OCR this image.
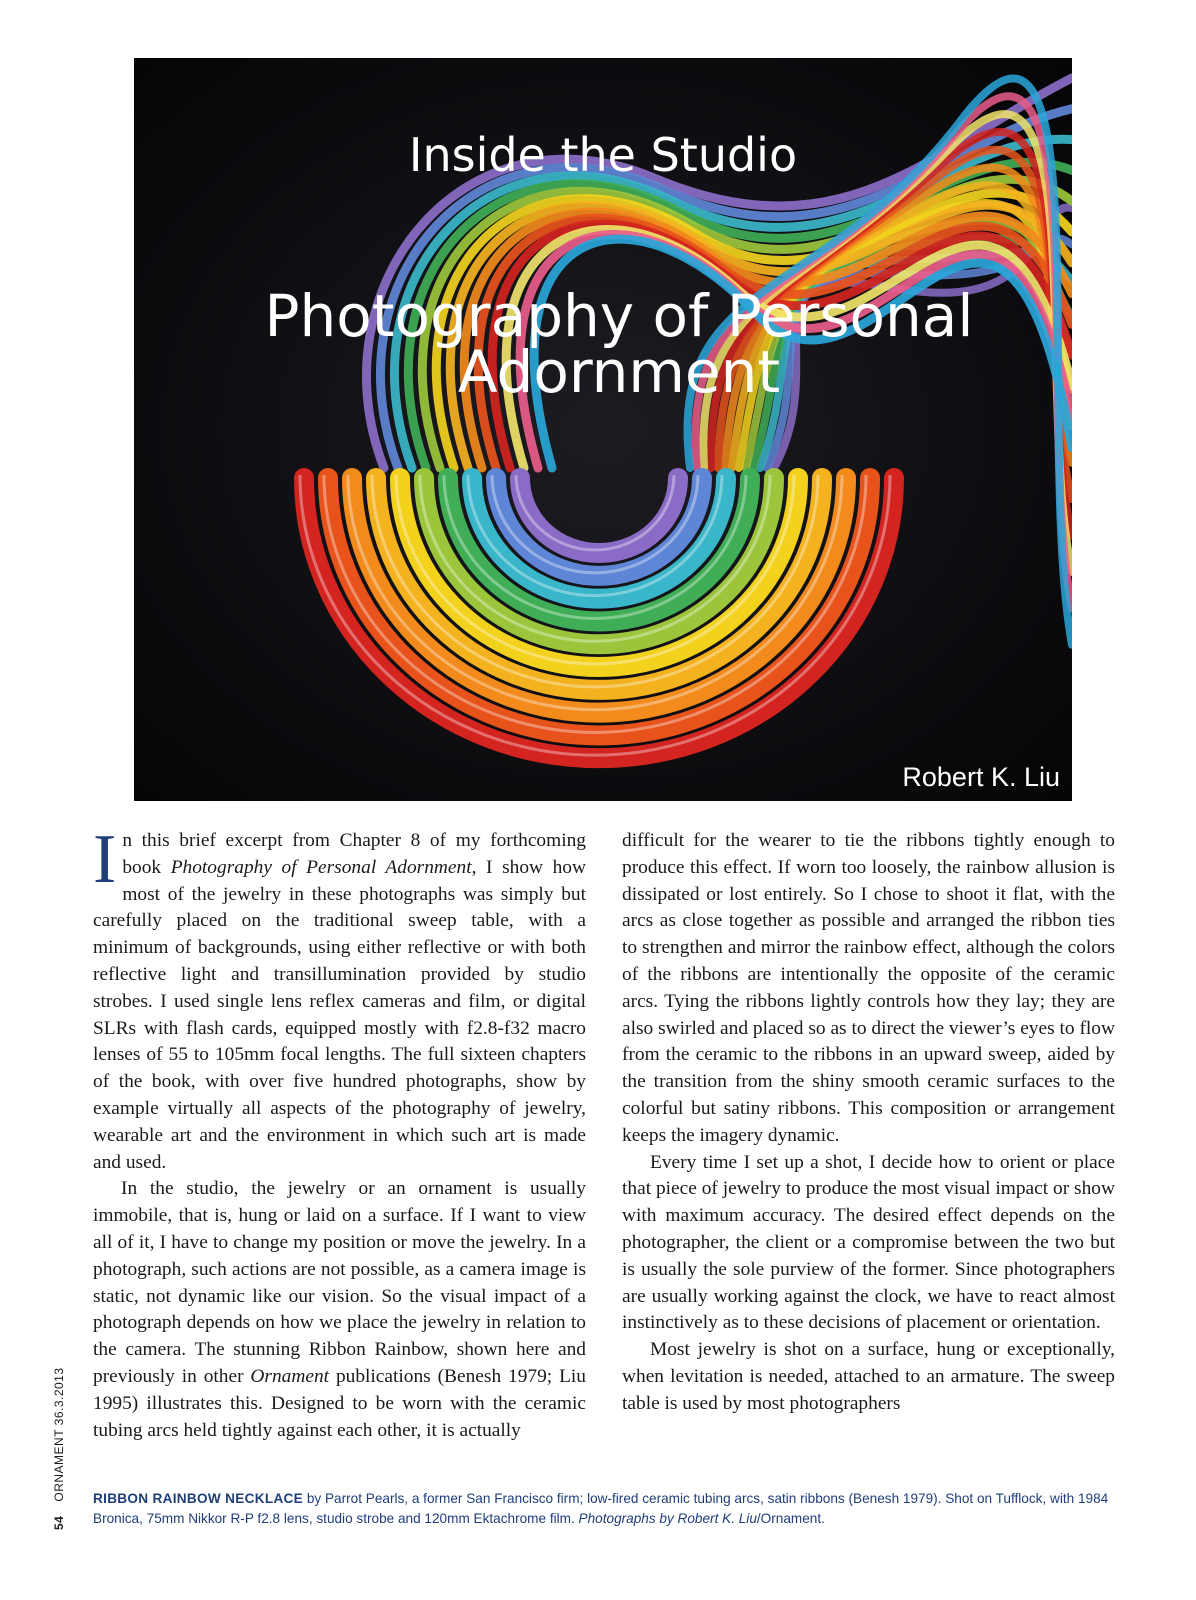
Inside the Studio
Photography of Personal Adornment
Robert K. Liu

In this brief excerpt from Chapter 8 of my forthcoming book Photography of Personal Adornment, I show how most of the jewelry in these photographs was simply but carefully placed on the traditional sweep table, with a minimum of backgrounds, using either reflective or with both reflective light and transillumination provided by studio strobes. I used single lens reflex cameras and film, or digital SLRs with flash cards, equipped mostly with f2.8-f32 macro lenses of 55 to 105mm focal lengths. The full sixteen chapters of the book, with over five hundred photographs, show by example virtually all aspects of the photography of jewelry, wearable art and the environment in which such art is made and used.

In the studio, the jewelry or an ornament is usually immobile, that is, hung or laid on a surface. If I want to view all of it, I have to change my position or move the jewelry. In a photograph, such actions are not possible, as a camera image is static, not dynamic like our vision. So the visual impact of a photograph depends on how we place the jewelry in relation to the camera. The stunning Ribbon Rainbow, shown here and previously in other Ornament publications (Benesh 1979; Liu 1995) illustrates this. Designed to be worn with the ceramic tubing arcs held tightly against each other, it is actually

difficult for the wearer to tie the ribbons tightly enough to produce this effect. If worn too loosely, the rainbow allusion is dissipated or lost entirely. So I chose to shoot it flat, with the arcs as close together as possible and arranged the ribbon ties to strengthen and mirror the rainbow effect, although the colors of the ribbons are intentionally the opposite of the ceramic arcs. Tying the ribbons lightly controls how they lay; they are also swirled and placed so as to direct the viewer’s eyes to flow from the ceramic to the ribbons in an upward sweep, aided by the transition from the shiny smooth ceramic surfaces to the colorful but satiny ribbons. This composition or arrangement keeps the imagery dynamic.

Every time I set up a shot, I decide how to orient or place that piece of jewelry to produce the most visual impact or show with maximum accuracy. The desired effect depends on the photographer, the client or a compromise between the two but is usually the sole purview of the former. Since photographers are usually working against the clock, we have to react almost instinctively as to these decisions of placement or orientation.

Most jewelry is shot on a surface, hung or exceptionally, when levitation is needed, attached to an armature. The sweep table is used by most photographers

54ORNAMENT 36.3.2013 RIBBON RAINBOW NECKLACE by Parrot Pearls, a former San Francisco firm; low-fired ceramic tubing arcs, satin ribbons (Benesh 1979). Shot on Tufflock, with 1984 Bronica, 75mm Nikkor R-P f2.8 lens, studio strobe and 120mm Ektachrome film. Photographs by Robert K. Liu/Ornament.
